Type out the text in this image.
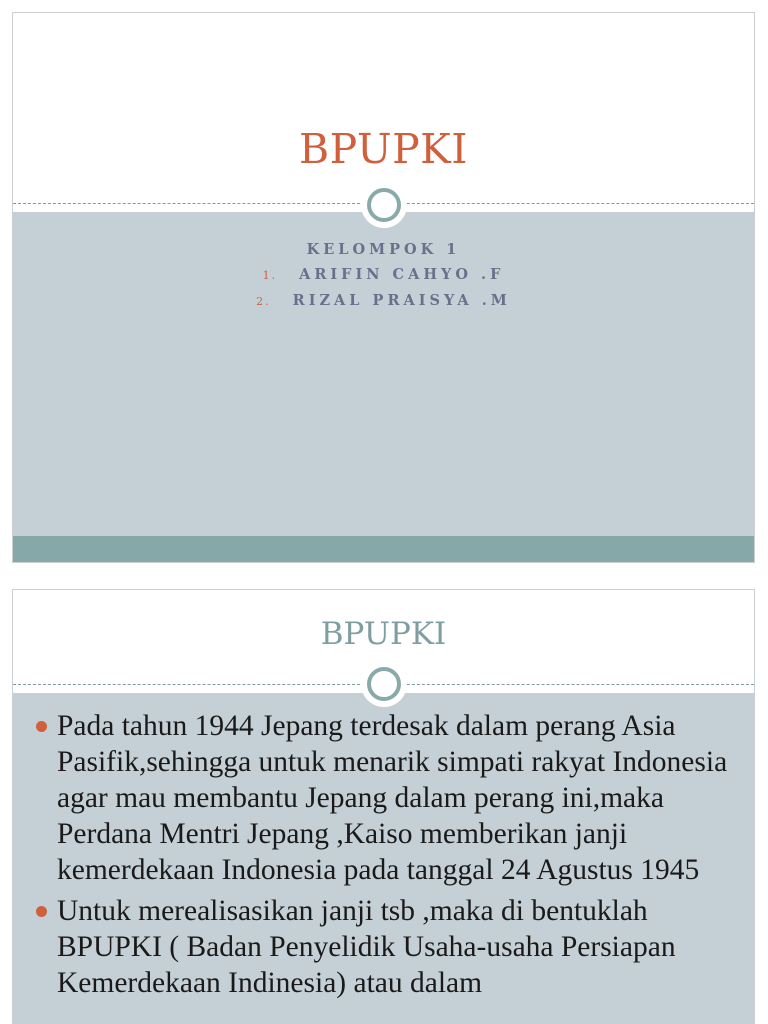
BPUPKI
KELOMPOK 1
1. ARIFIN CAHYO .F
2. RIZAL PRAISYA .M
BPUPKI
Pada tahun 1944 Jepang terdesak dalam perang Asia Pasifik,sehingga untuk menarik simpati rakyat Indonesia agar mau membantu Jepang dalam perang ini,maka Perdana Mentri Jepang ,Kaiso memberikan janji kemerdekaan Indonesia pada tanggal 24 Agustus 1945
Untuk merealisasikan janji tsb ,maka di bentuklah BPUPKI ( Badan Penyelidik Usaha-usaha Persiapan Kemerdekaan Indinesia) atau dalam
